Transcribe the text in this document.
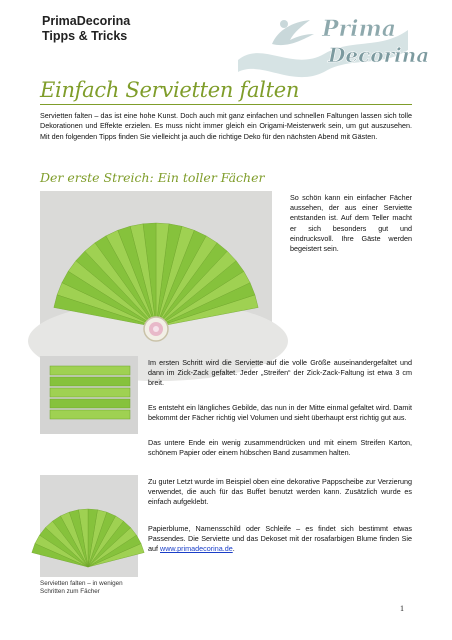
PrimaDecorina
Tipps & Tricks	Prima
Decorina
Einfach Servietten falten
Servietten falten – das ist eine hohe Kunst. Doch auch mit ganz einfachen und schnellen Faltungen lassen sich tolle Dekorationen und Effekte erzielen. Es muss nicht immer gleich ein Origami-Meisterwerk sein, um gut auszusehen. Mit den folgenden Tipps finden Sie vielleicht ja auch die richtige Deko für den nächsten Abend mit Gästen.
Der erste Streich: Ein toller Fächer
So schön kann ein einfacher Fächer aussehen, der aus einer Serviette entstanden ist. Auf dem Teller macht er sich besonders gut und eindrucksvoll. Ihre Gäste werden begeistert sein.
Servietten falten – in wenigen Schritten zum Fächer
Im ersten Schritt wird die Serviette auf die volle Größe auseinandergefaltet und dann im Zick-Zack gefaltet. Jeder „Streifen“ der Zick-Zack-Faltung ist etwa 3 cm breit.
Es entsteht ein längliches Gebilde, das nun in der Mitte einmal gefaltet wird. Damit bekommt der Fächer richtig viel Volumen und sieht überhaupt erst richtig gut aus.
Das untere Ende ein wenig zusammendrücken und mit einem Streifen Karton, schönem Papier oder einem hübschen Band zusammen halten.
Zu guter Letzt wurde im Beispiel oben eine dekorative Pappscheibe zur Verzierung verwendet, die auch für das Buffet benutzt werden kann. Zusätzlich wurde es einfach aufgeklebt.
Papierblume, Namensschild oder Schleife – es findet sich bestimmt etwas Passendes. Die Serviette und das Dekoset mit der rosafarbigen Blume finden Sie auf www.primadecorina.de.
1
